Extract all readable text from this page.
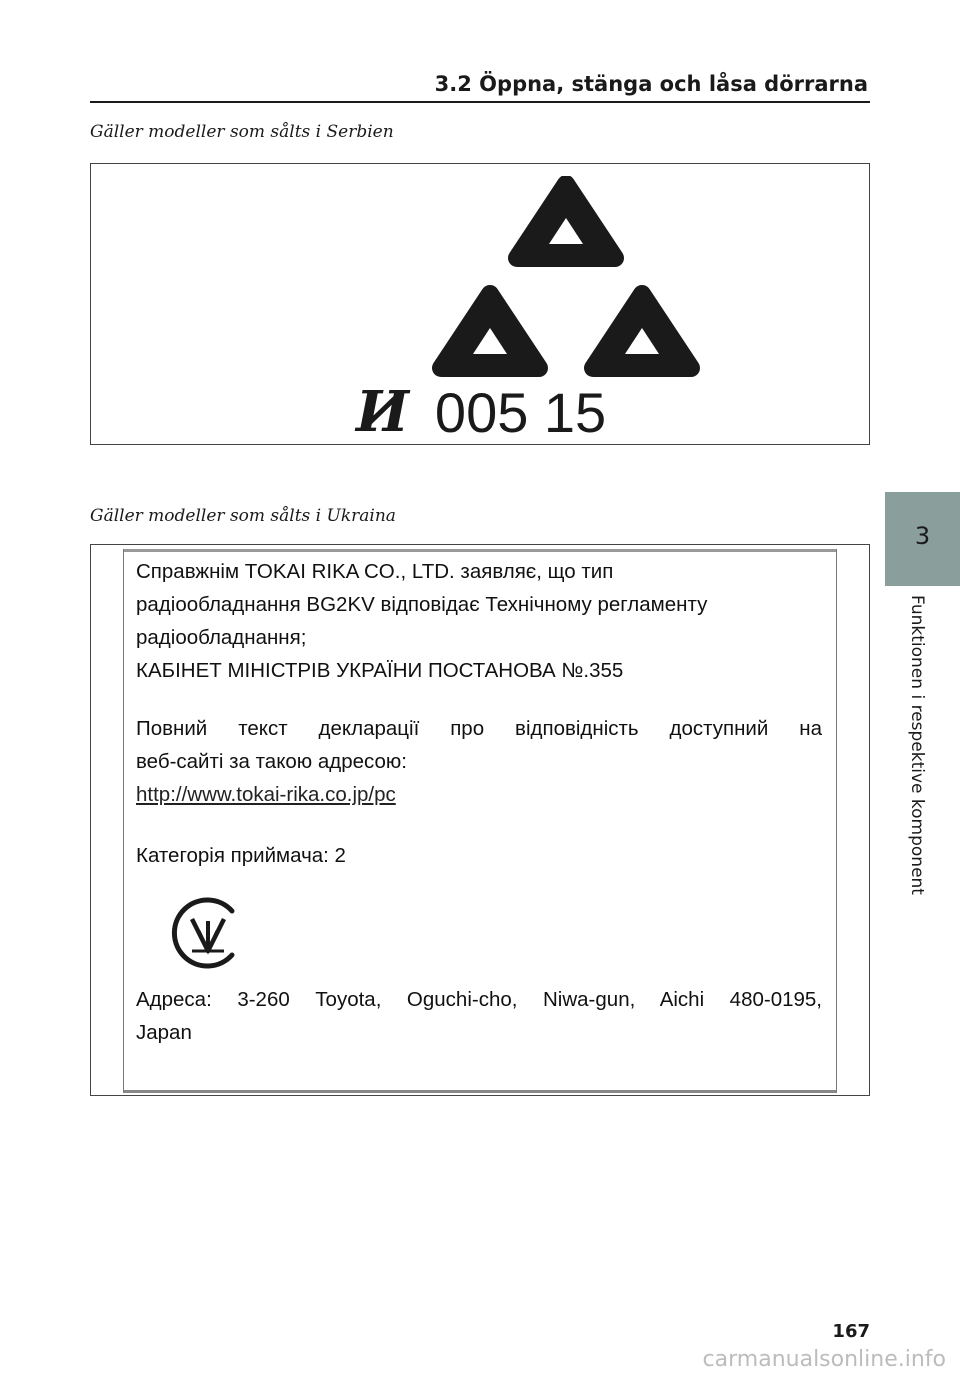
3.2 Öppna, stänga och låsa dörrarna
Gäller modeller som sålts i Serbien
И 005 15
Gäller modeller som sålts i Ukraina

Справжнім TOKAI RIKA CO., LTD. заявляє, що тип

радіообладнання BG2KV відповідає Технічному регламенту

радіообладнання;

КАБІНЕТ МІНІСТРІВ УКРАЇНИ ПОСТАНОВА №.355

Повний текст декларації про відповідність доступний на

веб-сайті за такою адресою:

http://www.tokai-rika.co.jp/pc
Категорія приймача: 2

Адреса: 3-260 Toyota, Oguchi-cho, Niwa-gun, Aichi 480-0195,

Japan

3
Funktionen i respektive komponent
167
carmanualsonline.info
